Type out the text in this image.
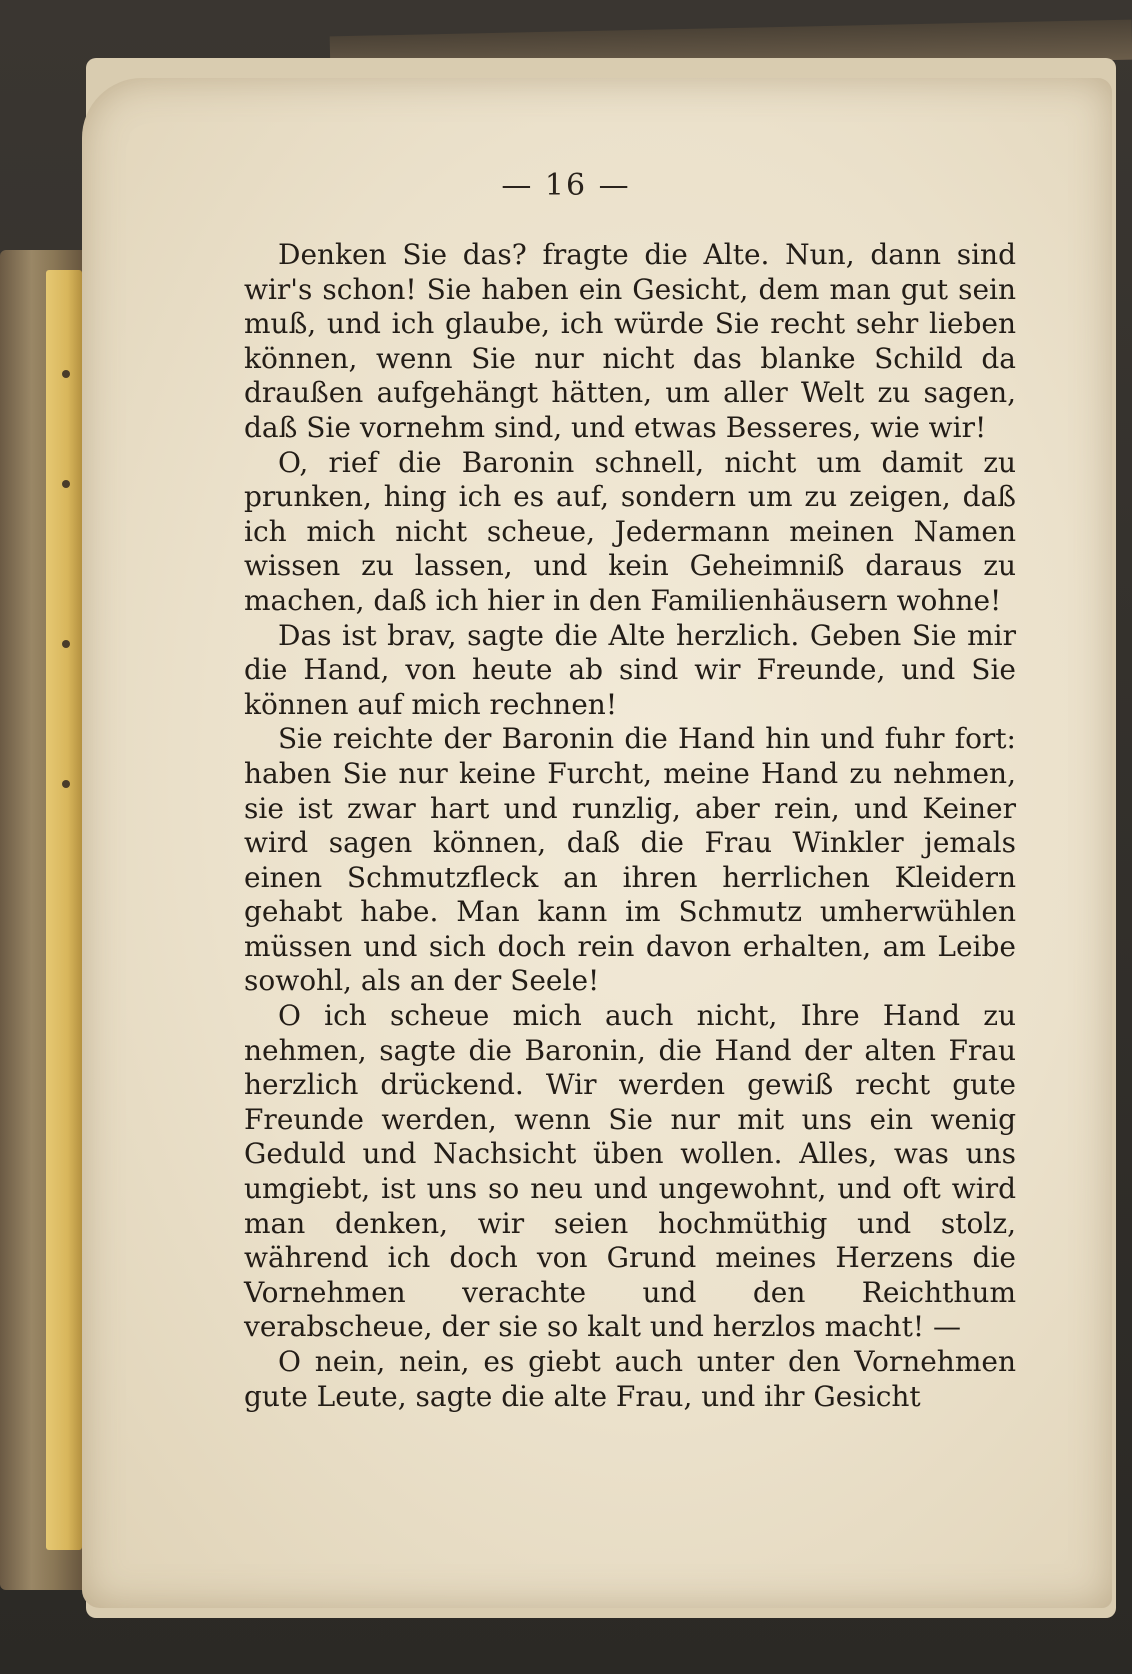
— 16 —

Denken Sie das? fragte die Alte. Nun, dann sind wir's schon! Sie haben ein Gesicht, dem man gut sein muß, und ich glaube, ich würde Sie recht sehr lieben können, wenn Sie nur nicht das blanke Schild da draußen aufgehängt hätten, um aller Welt zu sagen, daß Sie vornehm sind, und etwas Besseres, wie wir!

O, rief die Baronin schnell, nicht um damit zu prunken, hing ich es auf, sondern um zu zeigen, daß ich mich nicht scheue, Jedermann meinen Namen wissen zu lassen, und kein Geheimniß daraus zu machen, daß ich hier in den Familienhäusern wohne!

Das ist brav, sagte die Alte herzlich. Geben Sie mir die Hand, von heute ab sind wir Freunde, und Sie können auf mich rechnen!

Sie reichte der Baronin die Hand hin und fuhr fort: haben Sie nur keine Furcht, meine Hand zu nehmen, sie ist zwar hart und runzlig, aber rein, und Keiner wird sagen können, daß die Frau Winkler jemals einen Schmutzfleck an ihren herrlichen Kleidern gehabt habe. Man kann im Schmutz umherwühlen müssen und sich doch rein davon erhalten, am Leibe sowohl, als an der Seele!

O ich scheue mich auch nicht, Ihre Hand zu nehmen, sagte die Baronin, die Hand der alten Frau herzlich drückend. Wir werden gewiß recht gute Freunde werden, wenn Sie nur mit uns ein wenig Geduld und Nachsicht üben wollen. Alles, was uns umgiebt, ist uns so neu und ungewohnt, und oft wird man denken, wir seien hochmüthig und stolz, während ich doch von Grund meines Herzens die Vornehmen verachte und den Reichthum verabscheue, der sie so kalt und herzlos macht! —

O nein, nein, es giebt auch unter den Vornehmen gute Leute, sagte die alte Frau, und ihr Gesicht
